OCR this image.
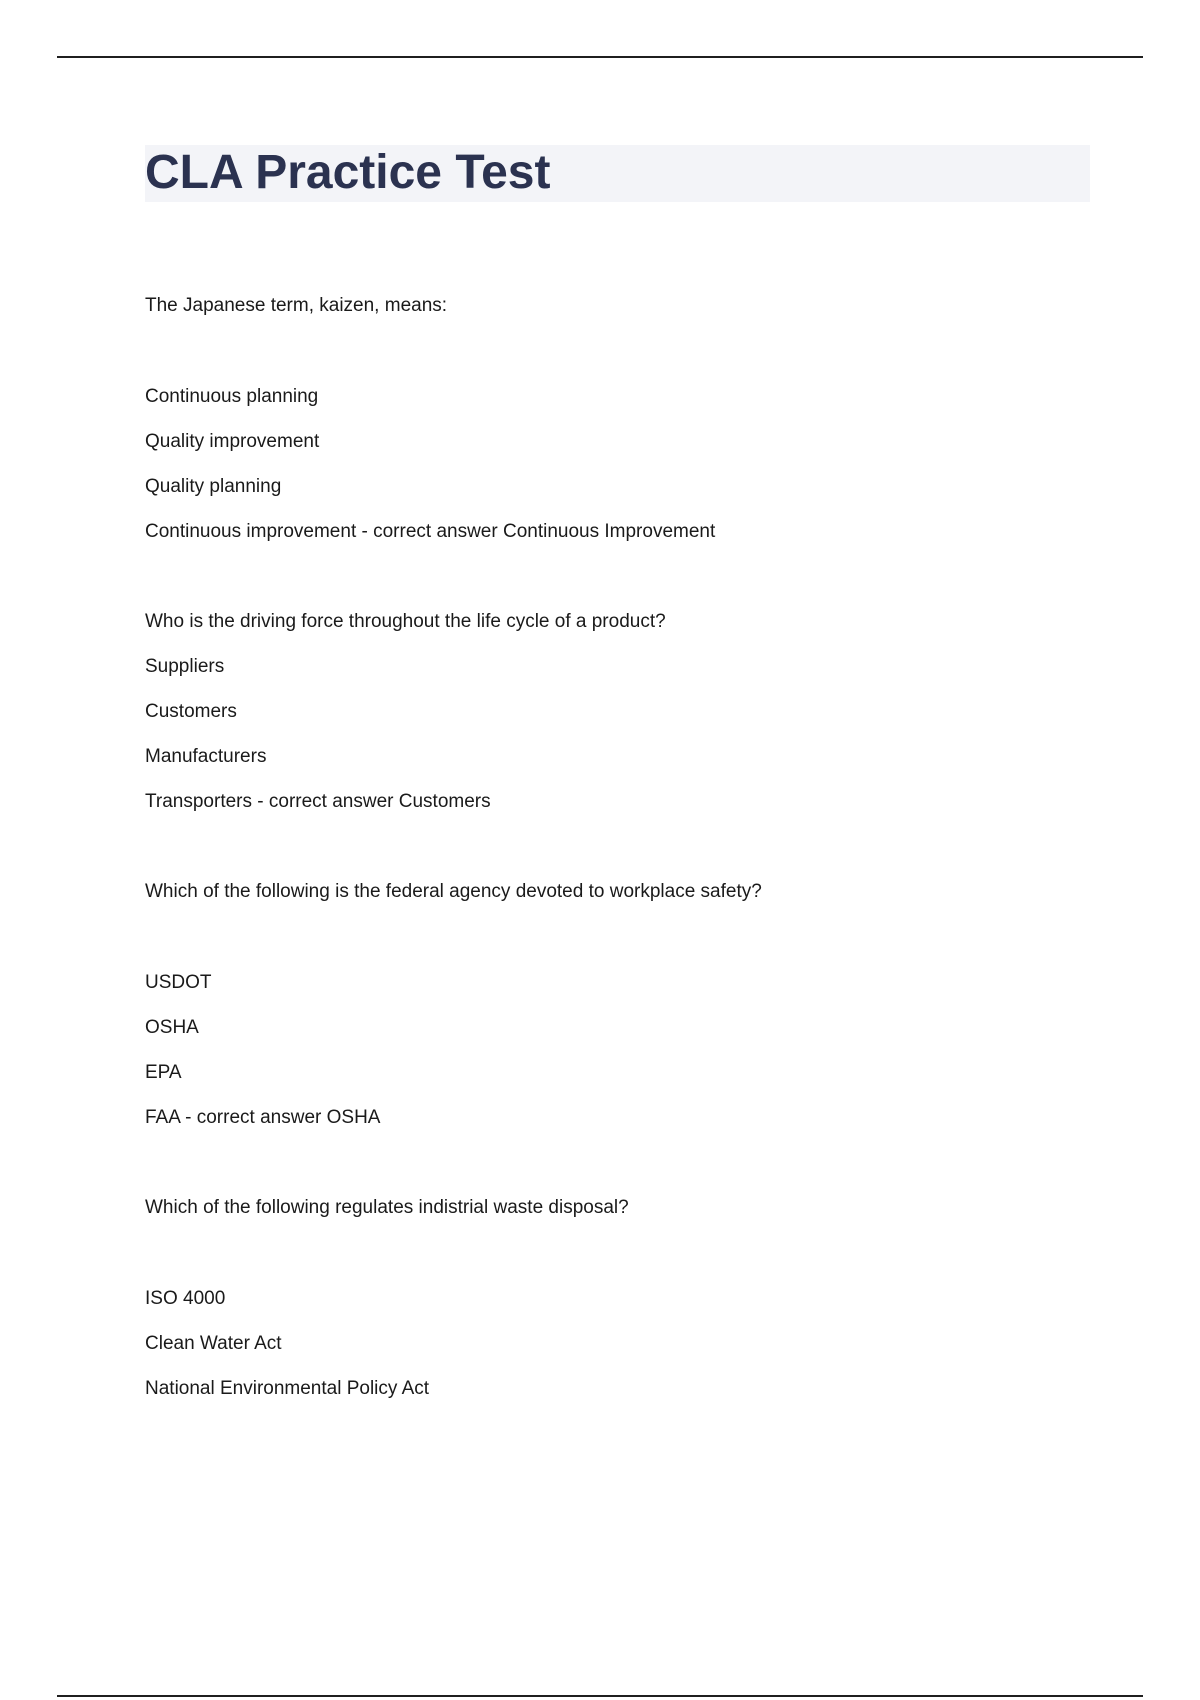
CLA Practice Test

The Japanese term, kaizen, means:

Continuous planning

Quality improvement

Quality planning

Continuous improvement - correct answer Continuous Improvement

Who is the driving force throughout the life cycle of a product?

Suppliers

Customers

Manufacturers

Transporters - correct answer Customers

Which of the following is the federal agency devoted to workplace safety?

USDOT

OSHA

EPA

FAA - correct answer OSHA

Which of the following regulates indistrial waste disposal?

ISO 4000

Clean Water Act

National Environmental Policy Act
